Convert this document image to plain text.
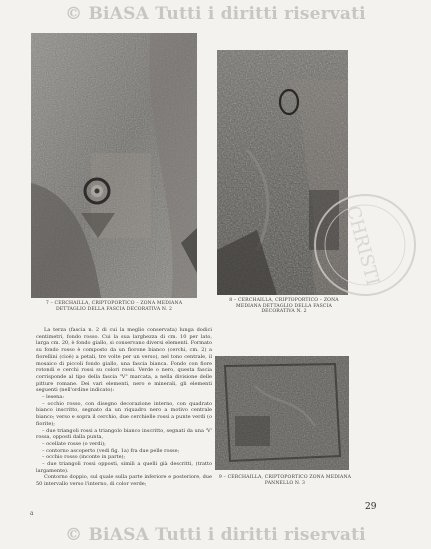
© BiASA Tutti i diritti riservati
7 – CERCHAILLA, CRIPTOPORTICO – ZONA MEDIANA DETTAGLIO DELLA FASCIA DECORATIVA N. 2
8 – CERCHAILLA, CRIPTOPORTICO – ZONA MEDIANA DETTAGLIO DELLA FASCIA DECORATIVA N. 2
CHRISTI
9 – CERCHAILLA, CRIPTOPORTICO ZONA MEDIANA PANNELLO N. 3

La terza (fascia n. 2 di cui la meglio conservata) lunga dodici centimetri, fondo rosso. Cui la sua larghezza di cm. 10 per lato, larga cm. 20, è fondo giallo, si conservano diversi elementi. Formato su fondo rosso è composto da un fiorone bianco (cerchi, cm. 2) a fiorellini (cioè) a petali, tre volte per un verso), nel tono centrale, il mosaico di piccoli fondo giallo, una fascia bianca. Fondo con fiore rotondi e cerchi rossi su colori rossi. Verde o nero, questa fascia corrisponde al tipo della fascia "V" marcata, a nella divisione delle pitture romane. Dei vari elementi, nero e minerali, gli elementi seguenti (nell'ordine indicato):

– lesena:

– occhio rosso, con disegno decorazione interno, con quadrato bianco inscritto, segnato da un riquadro nero a motivo centrale bianco; verso e sopra il cerchio, due cerchielle rossi a punte verdi (o fiorite);

– due triangoli rossi a triangolo bianco inscritto, segnati da una 'V' rossa, opposti dalla punta,

– ocellate rosse (o verdi);

– contorno ascoperto (vedi fig. 1a) fra due pelle rosse;

– occhio rosso (inconte in parte);

– due triangoli rossi opposti, simili a quelli già descritti, (tratto largamente).

Contorno doppio, sul quale sulla parte inferiore e posteriore, due 50 intervallo verso l'interno, di color verde;

a
29
© BiASA Tutti i diritti riservati
